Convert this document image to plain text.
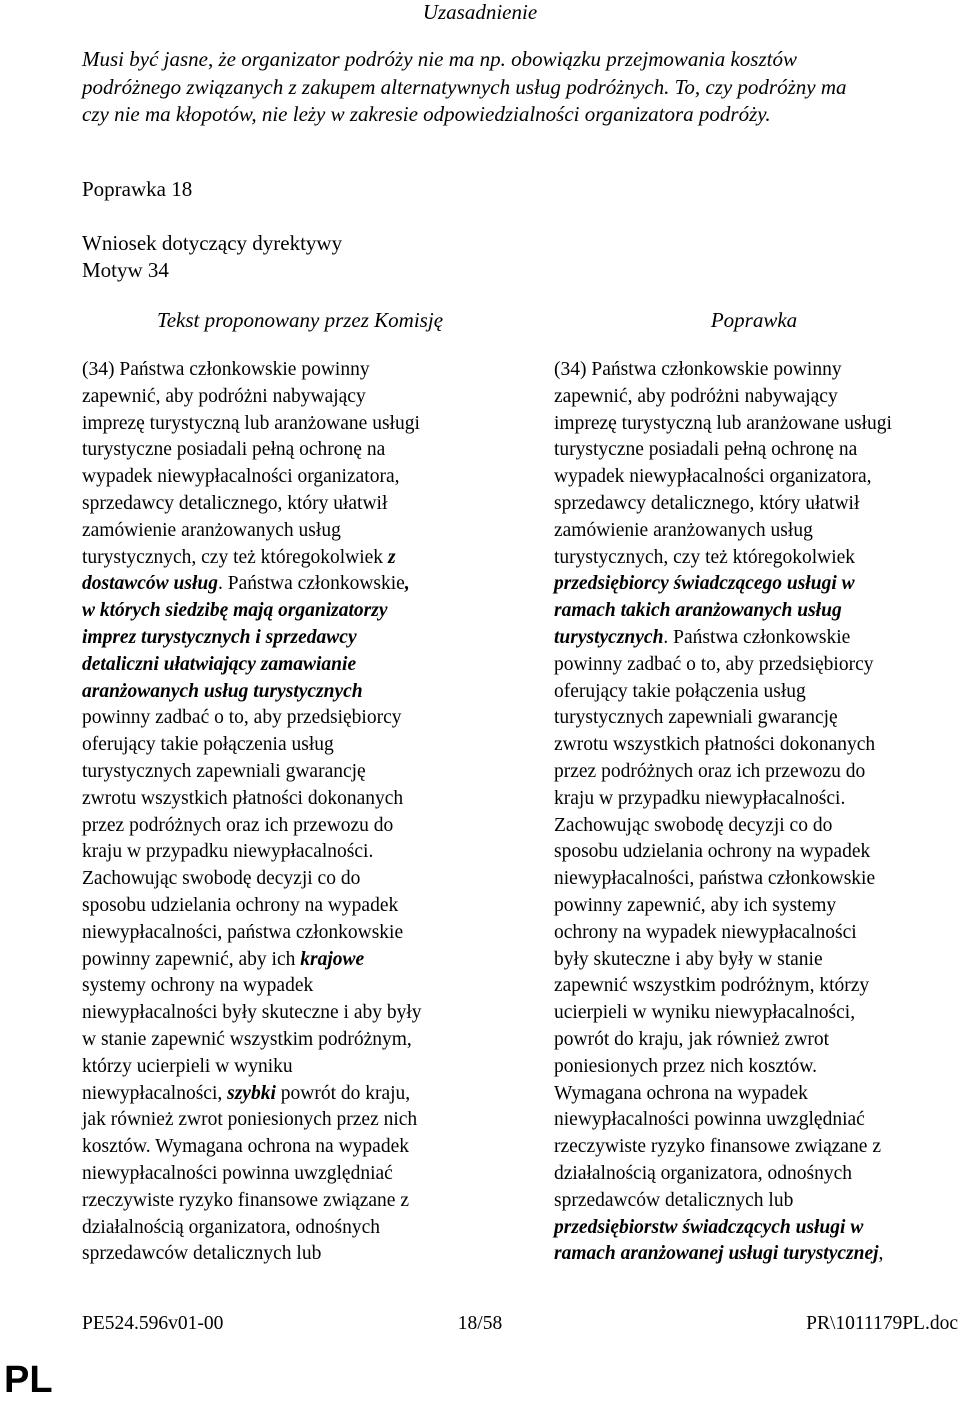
Uzasadnienie
Musi być jasne, że organizator podróży nie ma np. obowiązku przejmowania kosztów
podróżnego związanych z zakupem alternatywnych usług podróżnych. To, czy podróżny ma
czy nie ma kłopotów, nie leży w zakresie odpowiedzialności organizatora podróży.
Poprawka 18
Wniosek dotyczący dyrektywy
Motyw 34
Tekst proponowany przez Komisję	Poprawka

(34) Państwa członkowskie powinny
zapewnić, aby podróżni nabywający
imprezę turystyczną lub aranżowane usługi
turystyczne posiadali pełną ochronę na
wypadek niewypłacalności organizatora,
sprzedawcy detalicznego, który ułatwił
zamówienie aranżowanych usług
turystycznych, czy też któregokolwiek z
dostawców usług. Państwa członkowskie,
w których siedzibę mają organizatorzy
imprez turystycznych i sprzedawcy
detaliczni ułatwiający zamawianie
aranżowanych usług turystycznych
powinny zadbać o to, aby przedsiębiorcy
oferujący takie połączenia usług
turystycznych zapewniali gwarancję
zwrotu wszystkich płatności dokonanych
przez podróżnych oraz ich przewozu do
kraju w przypadku niewypłacalności.
Zachowując swobodę decyzji co do
sposobu udzielania ochrony na wypadek
niewypłacalności, państwa członkowskie
powinny zapewnić, aby ich krajowe
systemy ochrony na wypadek
niewypłacalności były skuteczne i aby były
w stanie zapewnić wszystkim podróżnym,
którzy ucierpieli w wyniku
niewypłacalności, szybki powrót do kraju,
jak również zwrot poniesionych przez nich
kosztów. Wymagana ochrona na wypadek
niewypłacalności powinna uwzględniać
rzeczywiste ryzyko finansowe związane z
działalnością organizatora, odnośnych
sprzedawców detalicznych lub

(34) Państwa członkowskie powinny
zapewnić, aby podróżni nabywający
imprezę turystyczną lub aranżowane usługi
turystyczne posiadali pełną ochronę na
wypadek niewypłacalności organizatora,
sprzedawcy detalicznego, który ułatwił
zamówienie aranżowanych usług
turystycznych, czy też któregokolwiek
przedsiębiorcy świadczącego usługi w
ramach takich aranżowanych usług
turystycznych. Państwa członkowskie
powinny zadbać o to, aby przedsiębiorcy
oferujący takie połączenia usług
turystycznych zapewniali gwarancję
zwrotu wszystkich płatności dokonanych
przez podróżnych oraz ich przewozu do
kraju w przypadku niewypłacalności.
Zachowując swobodę decyzji co do
sposobu udzielania ochrony na wypadek
niewypłacalności, państwa członkowskie
powinny zapewnić, aby ich systemy
ochrony na wypadek niewypłacalności
były skuteczne i aby były w stanie
zapewnić wszystkim podróżnym, którzy
ucierpieli w wyniku niewypłacalności,
powrót do kraju, jak również zwrot
poniesionych przez nich kosztów.
Wymagana ochrona na wypadek
niewypłacalności powinna uwzględniać
rzeczywiste ryzyko finansowe związane z
działalnością organizatora, odnośnych
sprzedawców detalicznych lub
przedsiębiorstw świadczących usługi w
ramach aranżowanej usługi turystycznej,

PE524.596v01-00	18/58	PR\1011179PL.doc
PL
